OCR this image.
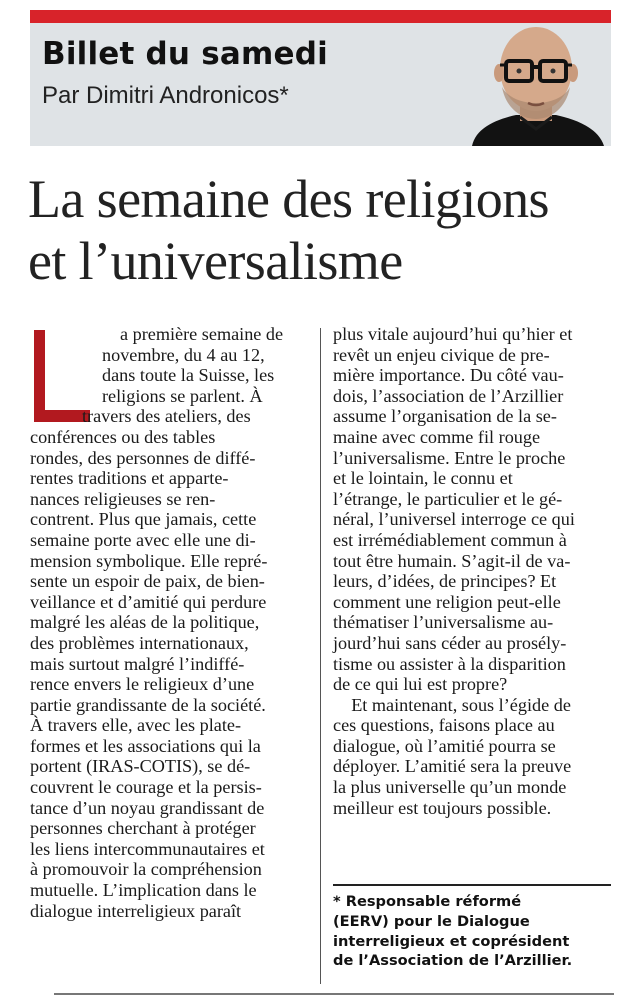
Billet du samedi
Par Dimitri Andronicos*
La semaine des religions
et l’universalisme

a première semaine de

novembre, du 4 au 12,

dans toute la Suisse, les

religions se parlent. À

travers des ateliers, des

conférences ou des tables

rondes, des personnes de diffé-

rentes traditions et apparte-

nances religieuses se ren-

contrent. Plus que jamais, cette

semaine porte avec elle une di-

mension symbolique. Elle repré-

sente un espoir de paix, de bien-

veillance et d’amitié qui perdure

malgré les aléas de la politique,

des problèmes internationaux,

mais surtout malgré l’indiffé-

rence envers le religieux d’une

partie grandissante de la société.

À travers elle, avec les plate-

formes et les associations qui la

portent (IRAS-COTIS), se dé-

couvrent le courage et la persis-

tance d’un noyau grandissant de

personnes cherchant à protéger

les liens intercommunautaires et

à promouvoir la compréhension

mutuelle. L’implication dans le

dialogue interreligieux paraît

plus vitale aujourd’hui qu’hier et

revêt un enjeu civique de pre-

mière importance. Du côté vau-

dois, l’association de l’Arzillier

assume l’organisation de la se-

maine avec comme fil rouge

l’universalisme. Entre le proche

et le lointain, le connu et

l’étrange, le particulier et le gé-

néral, l’universel interroge ce qui

est irrémédiablement commun à

tout être humain. S’agit-il de va-

leurs, d’idées, de principes? Et

comment une religion peut-elle

thématiser l’universalisme au-

jourd’hui sans céder au prosély-

tisme ou assister à la disparition

de ce qui lui est propre?

Et maintenant, sous l’égide de

ces questions, faisons place au

dialogue, où l’amitié pourra se

déployer. L’amitié sera la preuve

la plus universelle qu’un monde

meilleur est toujours possible.

* Responsable réformé

(EERV) pour le Dialogue

interreligieux et coprésident

de l’Association de l’Arzillier.
